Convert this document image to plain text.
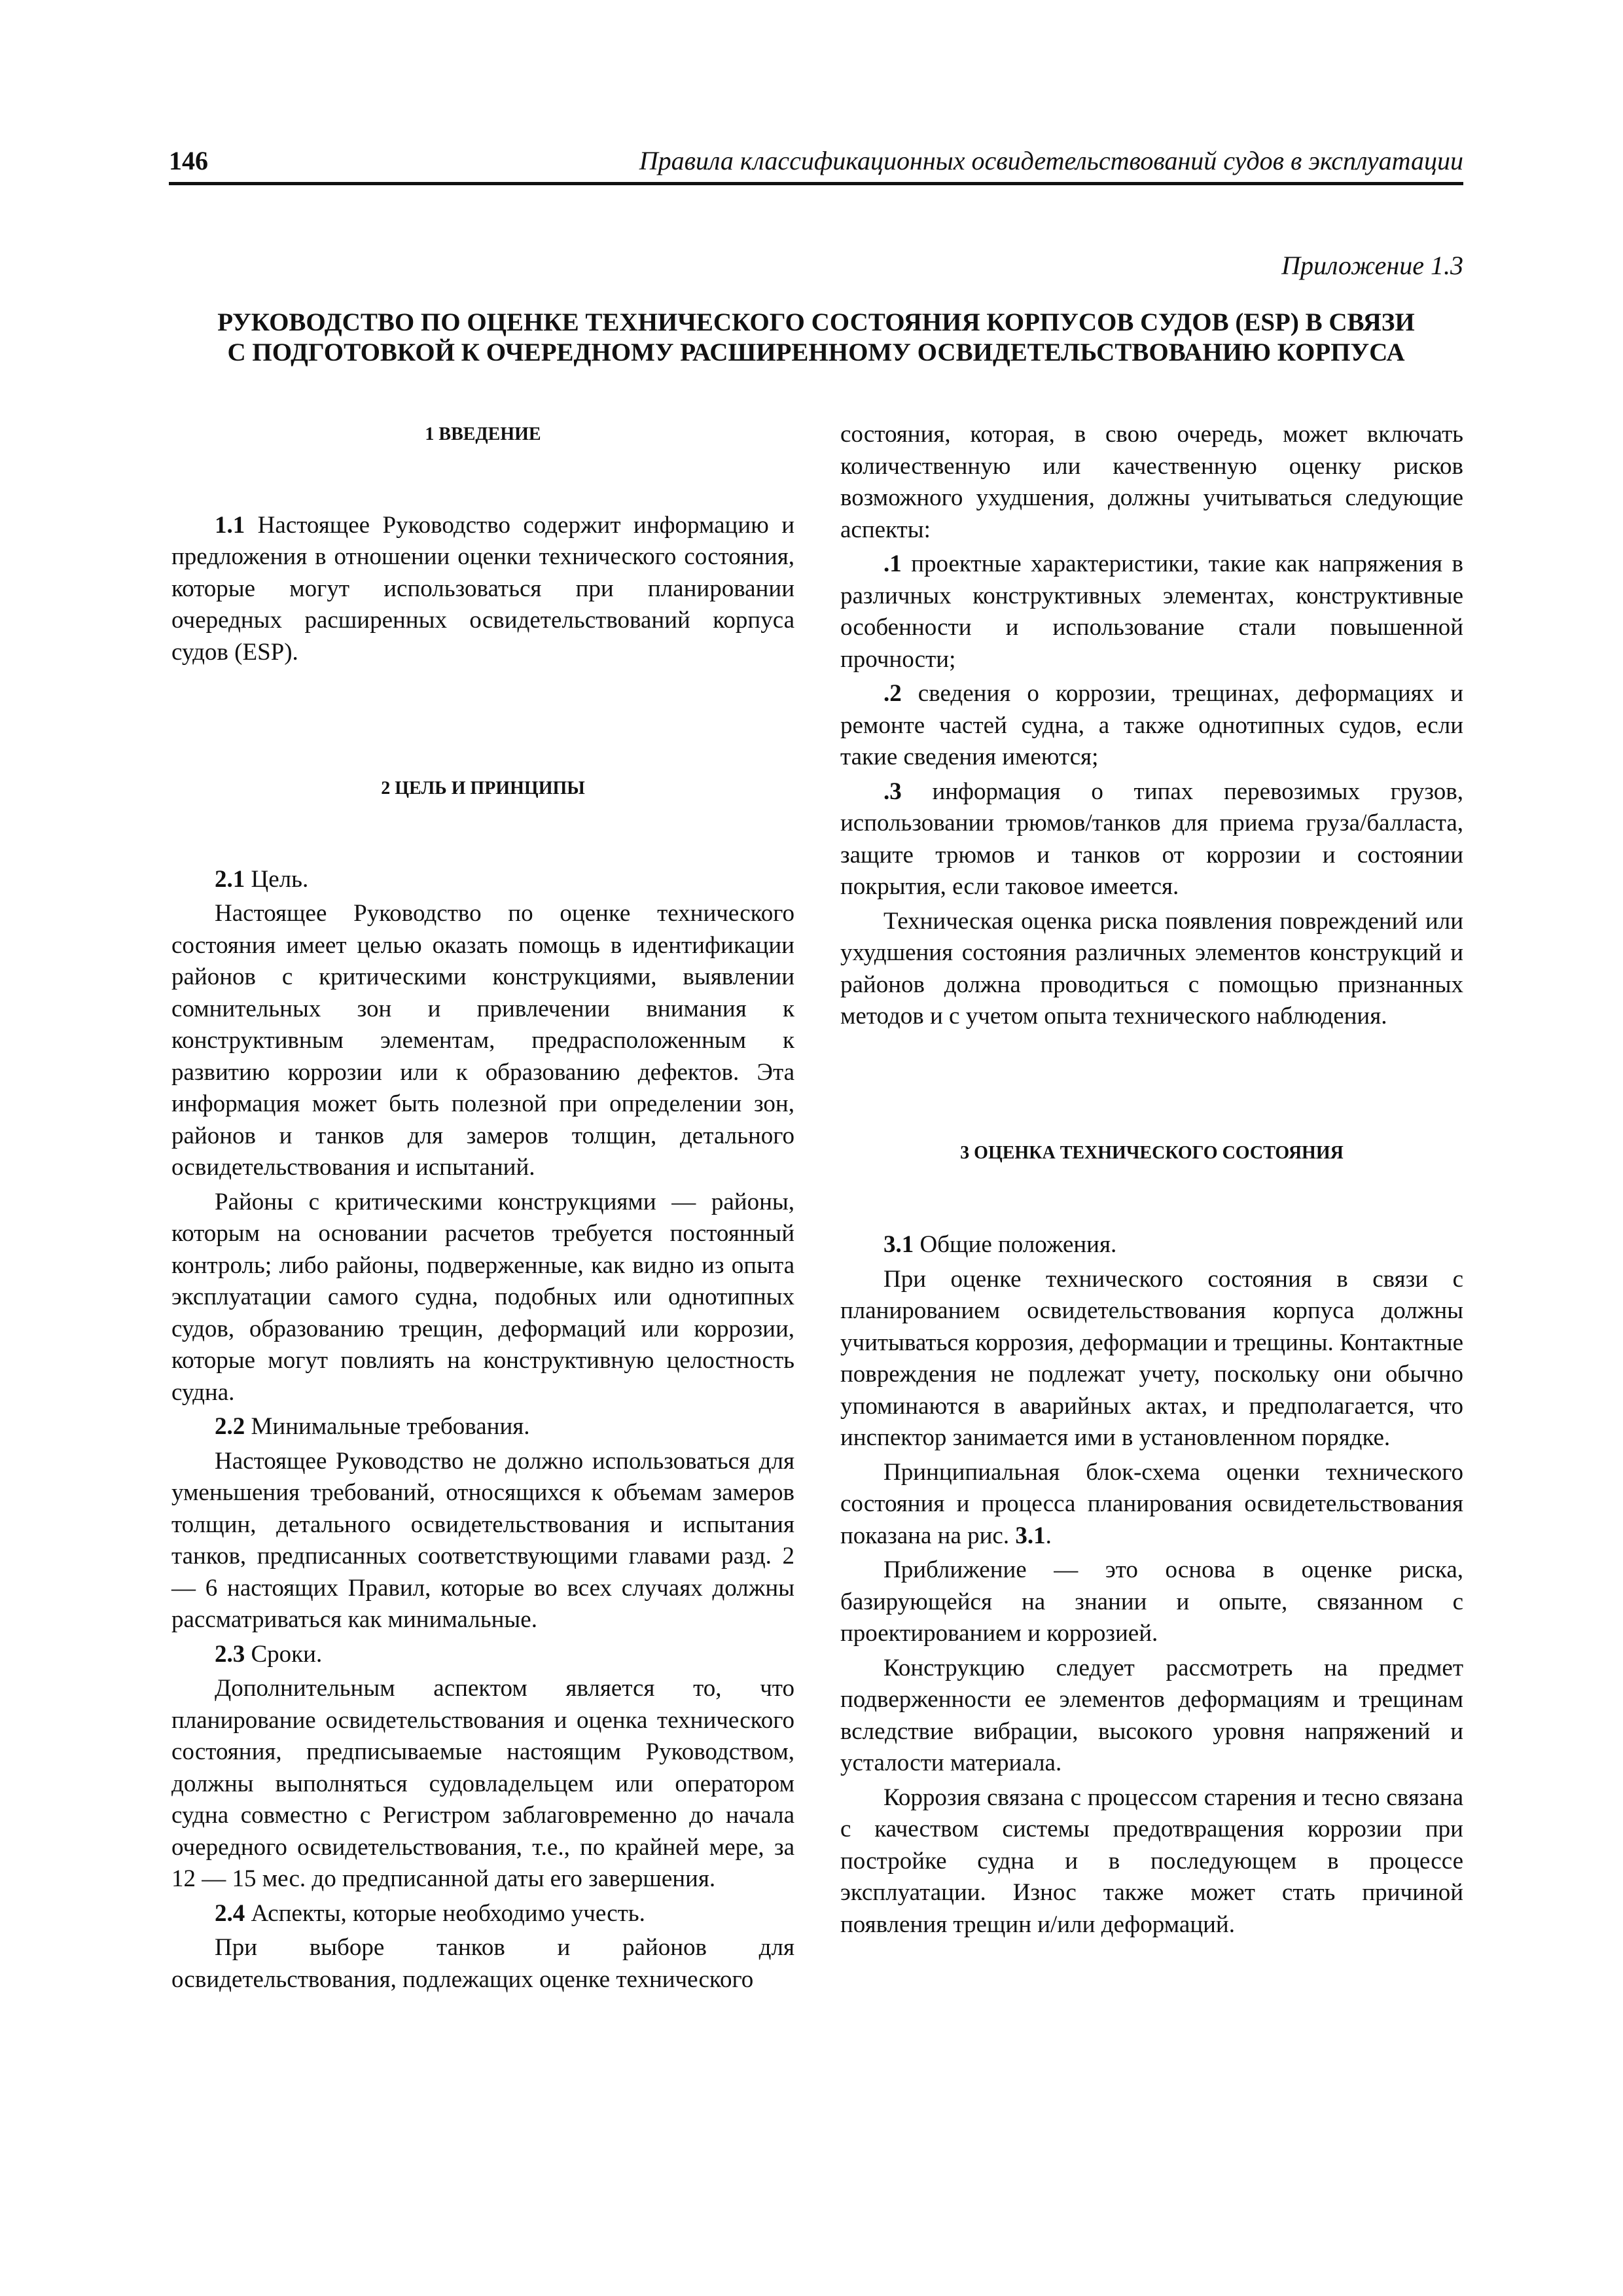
146	Правила классификационных освидетельствований судов в эксплуатации
Приложение 1.3
РУКОВОДСТВО ПО ОЦЕНКЕ ТЕХНИЧЕСКОГО СОСТОЯНИЯ КОРПУСОВ СУДОВ (ESP) В СВЯЗИ
С ПОДГОТОВКОЙ К ОЧЕРЕДНОМУ РАСШИРЕННОМУ ОСВИДЕТЕЛЬСТВОВАНИЮ КОРПУСА

1 ВВЕДЕНИЕ

1.1 Настоящее Руководство содержит информацию и предложения в отношении оценки технического состояния, которые могут использоваться при планировании очередных расширенных освидетельствований корпуса судов (ESP).

2 ЦЕЛЬ И ПРИНЦИПЫ

2.1 Цель.

Настоящее Руководство по оценке технического состояния имеет целью оказать помощь в идентификации районов с критическими конструкциями, выявлении сомнительных зон и привлечении внимания к конструктивным элементам, предрасположенным к развитию коррозии или к образованию дефектов. Эта информация может быть полезной при определении зон, районов и танков для замеров толщин, детального освидетельствования и испытаний.

Районы с критическими конструкциями — районы, которым на основании расчетов требуется постоянный контроль; либо районы, подверженные, как видно из опыта эксплуатации самого судна, подобных или однотипных судов, образованию трещин, деформаций или коррозии, которые могут повлиять на конструктивную целостность судна.

2.2 Минимальные требования.

Настоящее Руководство не должно использоваться для уменьшения требований, относящихся к объемам замеров толщин, детального освидетельствования и испытания танков, предписанных соответствующими главами разд. 2 — 6 настоящих Правил, которые во всех случаях должны рассматриваться как минимальные.

2.3 Сроки.

Дополнительным аспектом является то, что планирование освидетельствования и оценка технического состояния, предписываемые настоящим Руководством, должны выполняться судовладельцем или оператором судна совместно с Регистром заблаговременно до начала очередного освидетельствования, т.е., по крайней мере, за 12 — 15 мес. до предписанной даты его завершения.

2.4 Аспекты, которые необходимо учесть.

При выборе танков и районов для освидетельствования, подлежащих оценке технического

состояния, которая, в свою очередь, может включать количественную или качественную оценку рисков возможного ухудшения, должны учитываться следующие аспекты:

.1 проектные характеристики, такие как напряжения в различных конструктивных элементах, конструктивные особенности и использование стали повышенной прочности;

.2 сведения о коррозии, трещинах, деформациях и ремонте частей судна, а также однотипных судов, если такие сведения имеются;

.3 информация о типах перевозимых грузов, использовании трюмов/танков для приема груза/балласта, защите трюмов и танков от коррозии и состоянии покрытия, если таковое имеется.

Техническая оценка риска появления повреждений или ухудшения состояния различных элементов конструкций и районов должна проводиться с помощью признанных методов и с учетом опыта технического наблюдения.

3 ОЦЕНКА ТЕХНИЧЕСКОГО СОСТОЯНИЯ

3.1 Общие положения.

При оценке технического состояния в связи с планированием освидетельствования корпуса должны учитываться коррозия, деформации и трещины. Контактные повреждения не подлежат учету, поскольку они обычно упоминаются в аварийных актах, и предполагается, что инспектор занимается ими в установленном порядке.

Принципиальная блок-схема оценки технического состояния и процесса планирования освидетельствования показана на рис. 3.1.

Приближение — это основа в оценке риска, базирующейся на знании и опыте, связанном с проектированием и коррозией.

Конструкцию следует рассмотреть на предмет подверженности ее элементов деформациям и трещинам вследствие вибрации, высокого уровня напряжений и усталости материала.

Коррозия связана с процессом старения и тесно связана с качеством системы предотвращения коррозии при постройке судна и в последующем в процессе эксплуатации. Износ также может стать причиной появления трещин и/или деформаций.
